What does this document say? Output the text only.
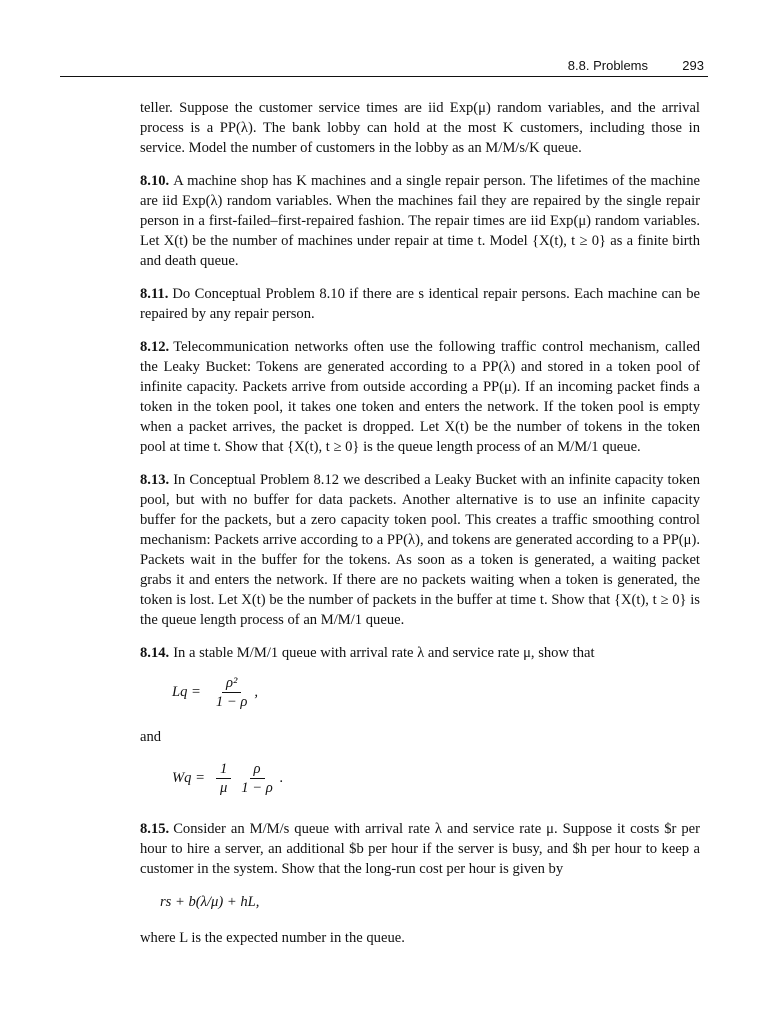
8.8. Problems	293

teller. Suppose the customer service times are iid Exp(μ) random variables, and the arrival process is a PP(λ). The bank lobby can hold at the most K customers, including those in service. Model the number of customers in the lobby as an M/M/s/K queue.

8.10. A machine shop has K machines and a single repair person. The lifetimes of the machine are iid Exp(λ) random variables. When the machines fail they are repaired by the single repair person in a first-failed–first-repaired fashion. The repair times are iid Exp(μ) random variables. Let X(t) be the number of machines under repair at time t. Model {X(t), t ≥ 0} as a finite birth and death queue.

8.11. Do Conceptual Problem 8.10 if there are s identical repair persons. Each machine can be repaired by any repair person.

8.12. Telecommunication networks often use the following traffic control mechanism, called the Leaky Bucket: Tokens are generated according to a PP(λ) and stored in a token pool of infinite capacity. Packets arrive from outside according a PP(μ). If an incoming packet finds a token in the token pool, it takes one token and enters the network. If the token pool is empty when a packet arrives, the packet is dropped. Let X(t) be the number of tokens in the token pool at time t. Show that {X(t), t ≥ 0} is the queue length process of an M/M/1 queue.

8.13. In Conceptual Problem 8.12 we described a Leaky Bucket with an infinite capacity token pool, but with no buffer for data packets. Another alternative is to use an infinite capacity buffer for the packets, but a zero capacity token pool. This creates a traffic smoothing control mechanism: Packets arrive according to a PP(λ), and tokens are generated according to a PP(μ). Packets wait in the buffer for the tokens. As soon as a token is generated, a waiting packet grabs it and enters the network. If there are no packets waiting when a token is generated, the token is lost. Let X(t) be the number of packets in the buffer at time t. Show that {X(t), t ≥ 0} is the queue length process of an M/M/1 queue.

8.14. In a stable M/M/1 queue with arrival rate λ and service rate μ, show that

$Lq = \frac{\text{ρ²}}{1 - \rho}$ ,
and
$Wq = \frac{1}{\mu} \frac{\rho}{1 - \rho}$ .

8.15. Consider an M/M/s queue with arrival rate λ and service rate μ. Suppose it costs $r per hour to hire a server, an additional $b per hour if the server is busy, and $h per hour to keep a customer in the system. Show that the long-run cost per hour is given by

rs + b(λ/μ) + hL,

where L is the expected number in the queue.
